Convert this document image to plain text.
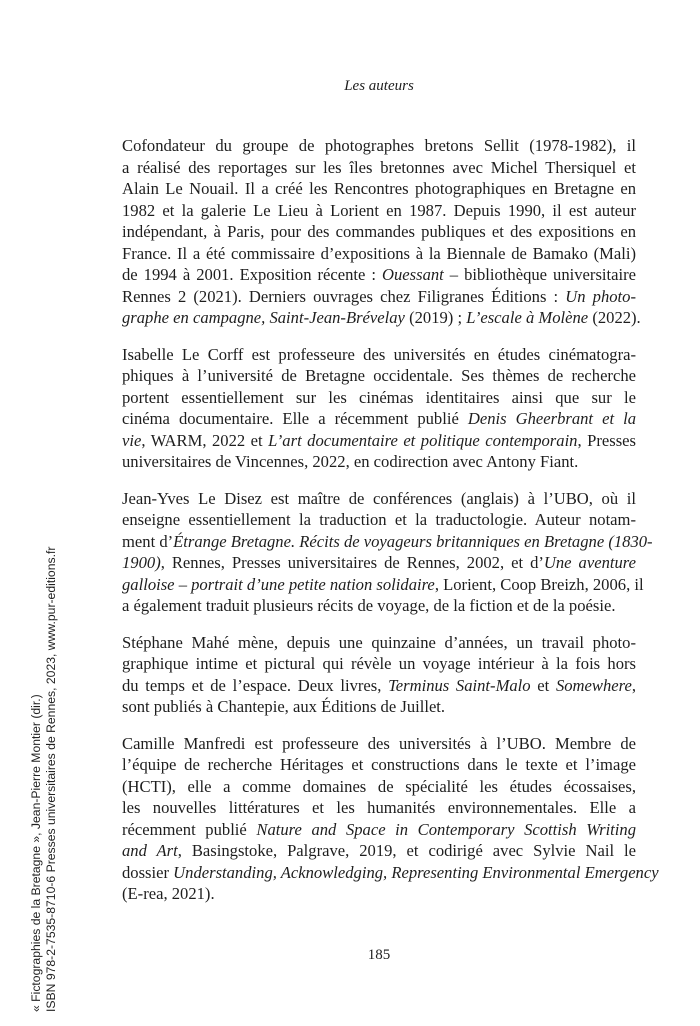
Les auteurs
Cofondateur du groupe de photographes bretons Sellit (1978-1982), il
a réalisé des reportages sur les îles bretonnes avec Michel Thersiquel et
Alain Le Nouail. Il a créé les Rencontres photographiques en Bretagne en
1982 et la galerie Le Lieu à Lorient en 1987. Depuis 1990, il est auteur
indépendant, à Paris, pour des commandes publiques et des expositions en
France. Il a été commissaire d’expositions à la Biennale de Bamako (Mali)
de 1994 à 2001. Exposition récente : Ouessant – bibliothèque universitaire
Rennes 2 (2021). Derniers ouvrages chez Filigranes Éditions : Un photo-
graphe en campagne, Saint-Jean-Brévelay (2019) ; L’escale à Molène (2022).
Isabelle Le Corff est professeure des universités en études cinématogra-
phiques à l’université de Bretagne occidentale. Ses thèmes de recherche
portent essentiellement sur les cinémas identitaires ainsi que sur le
cinéma documentaire. Elle a récemment publié Denis Gheerbrant et la
vie, WARM, 2022 et L’art documentaire et politique contemporain, Presses
universitaires de Vincennes, 2022, en codirection avec Antony Fiant.
Jean-Yves Le Disez est maître de conférences (anglais) à l’UBO, où il
enseigne essentiellement la traduction et la traductologie. Auteur notam-
ment d’Étrange Bretagne. Récits de voyageurs britanniques en Bretagne (1830-
1900), Rennes, Presses universitaires de Rennes, 2002, et d’Une aventure
galloise – portrait d’une petite nation solidaire, Lorient, Coop Breizh, 2006, il
a également traduit plusieurs récits de voyage, de la fiction et de la poésie.
Stéphane Mahé mène, depuis une quinzaine d’années, un travail photo-
graphique intime et pictural qui révèle un voyage intérieur à la fois hors
du temps et de l’espace. Deux livres, Terminus Saint-Malo et Somewhere,
sont publiés à Chantepie, aux Éditions de Juillet.
Camille Manfredi est professeure des universités à l’UBO. Membre de
l’équipe de recherche Héritages et constructions dans le texte et l’image
(HCTI), elle a comme domaines de spécialité les études écossaises,
les nouvelles littératures et les humanités environnementales. Elle a
récemment publié Nature and Space in Contemporary Scottish Writing
and Art, Basingstoke, Palgrave, 2019, et codirigé avec Sylvie Nail le
dossier Understanding, Acknowledging, Representing Environmental Emergency
(E-rea, 2021).
185
« Fictographies de la Bretagne », Jean-Pierre Montier (dir.) ISBN 978-2-7535-8710-6 Presses universitaires de Rennes, 2023, www.pur-editions.fr
